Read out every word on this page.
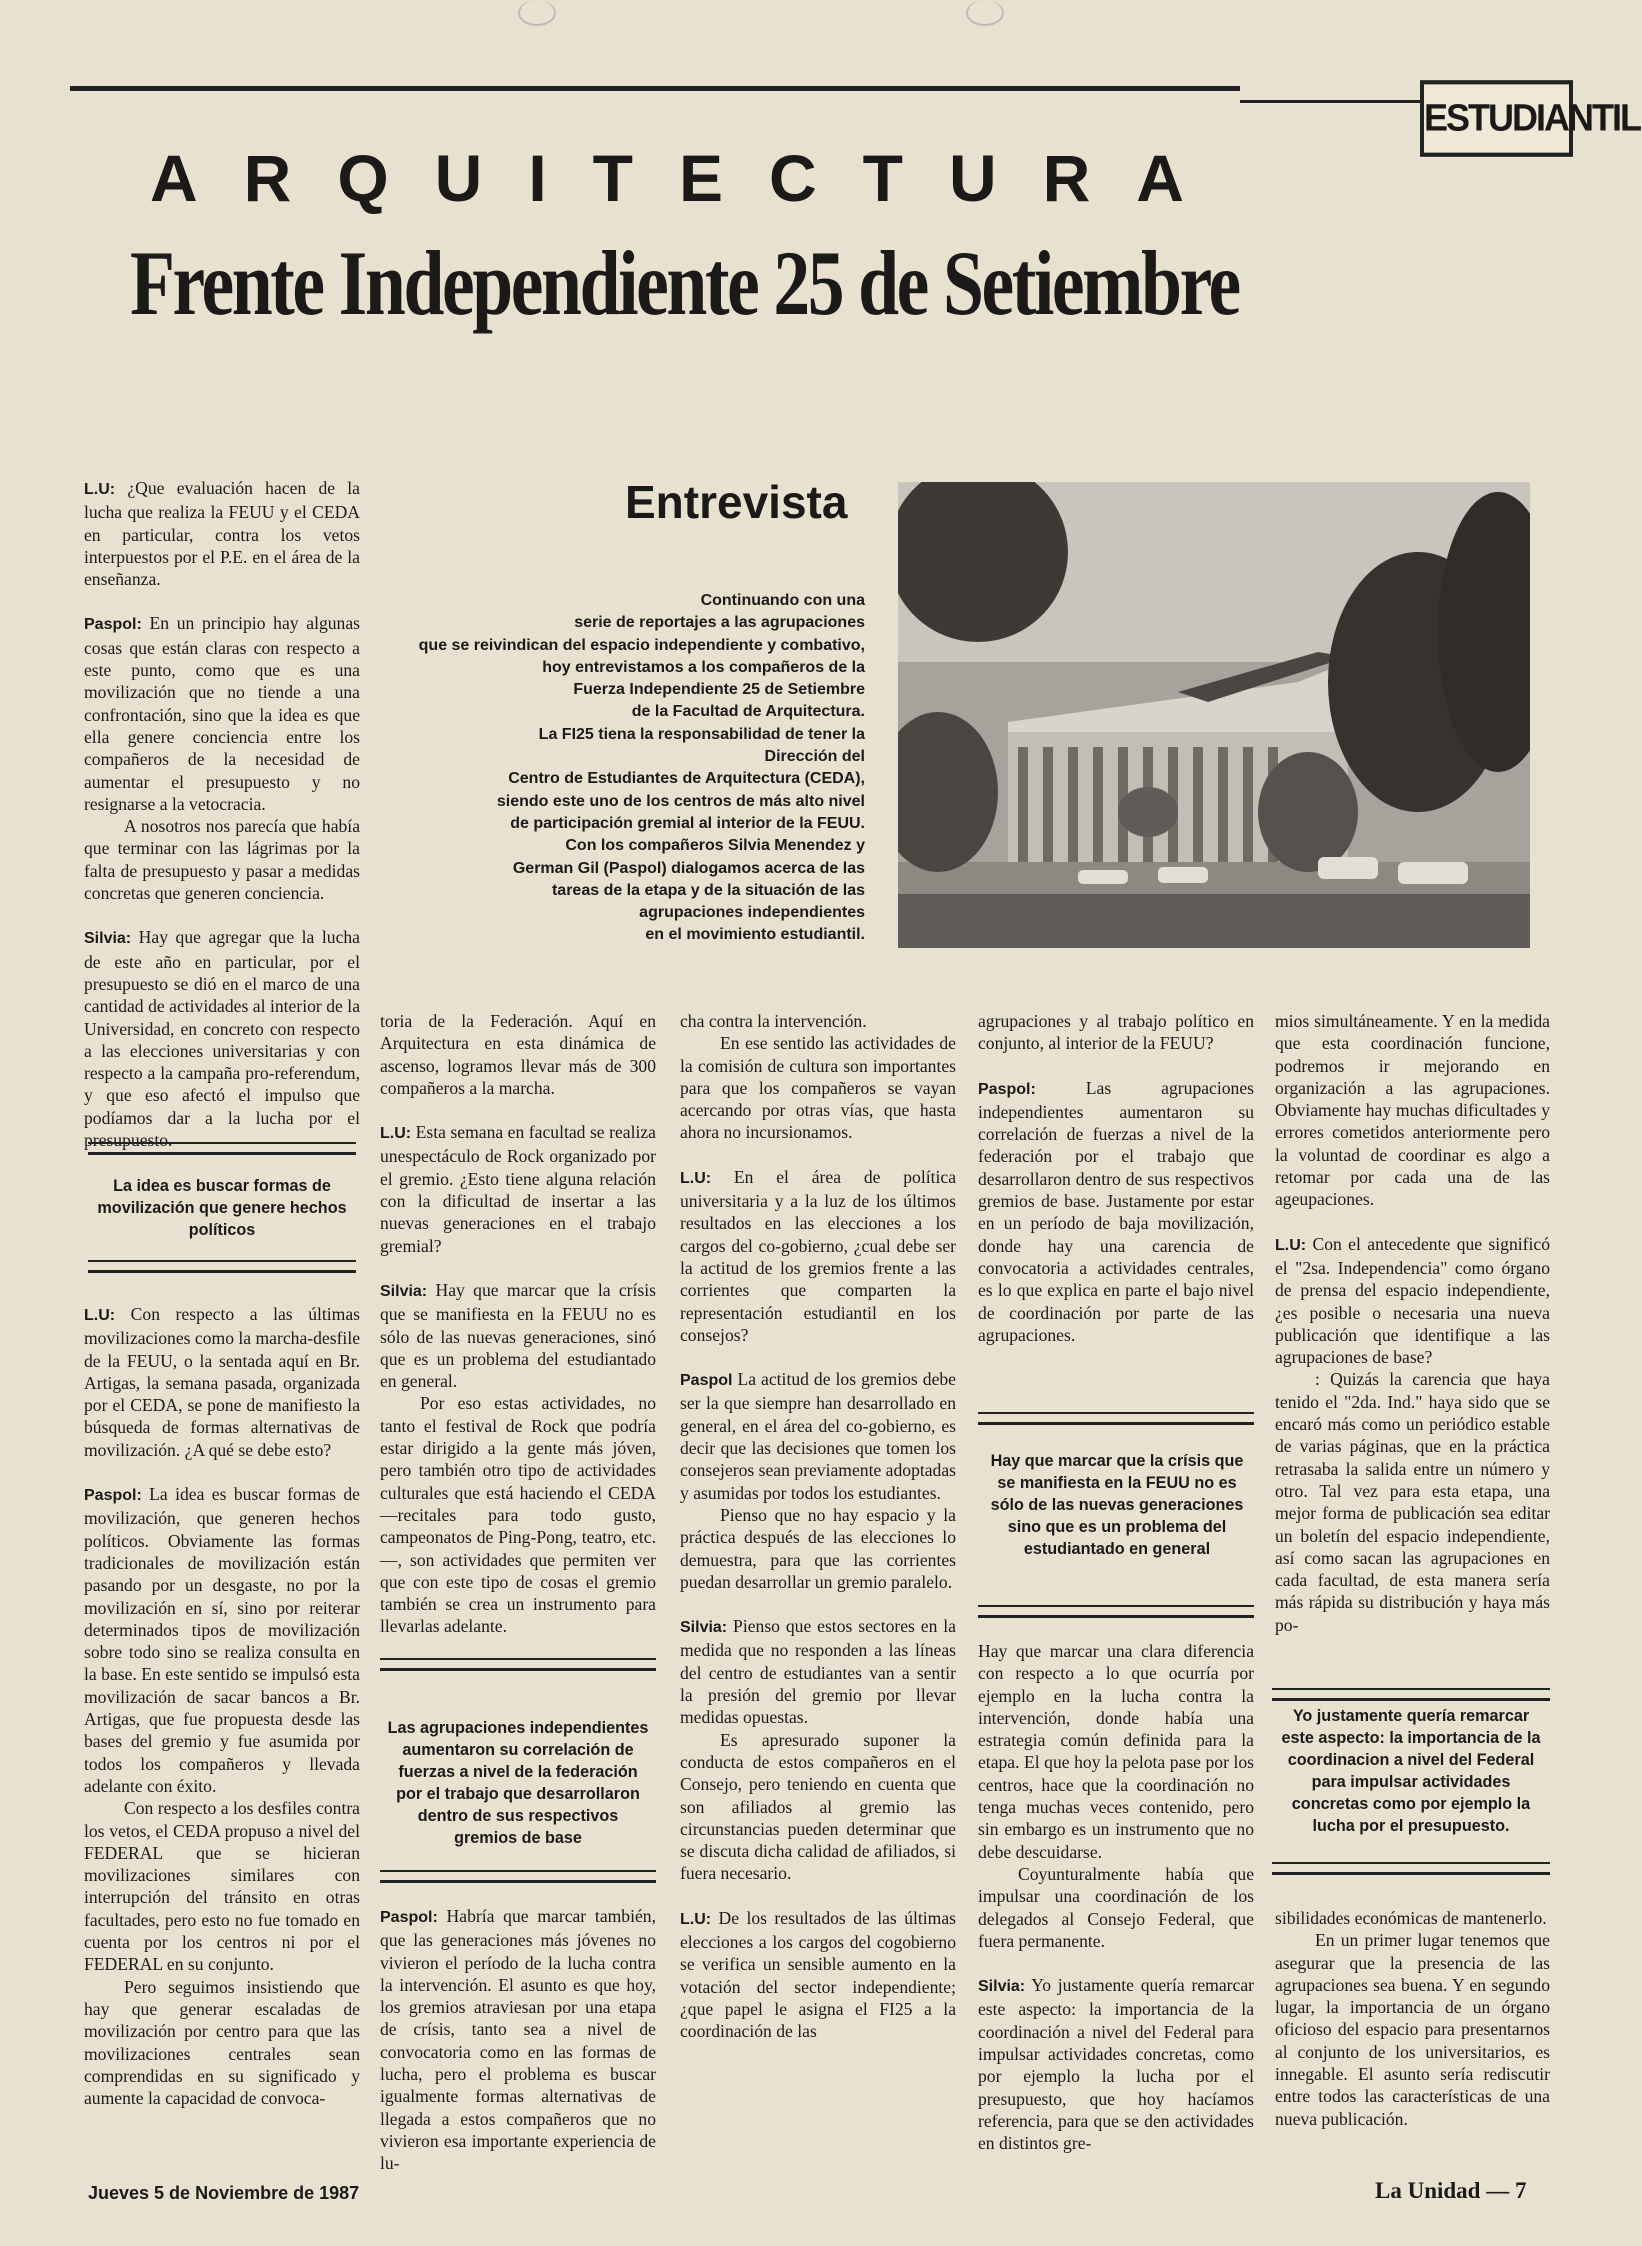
ESTUDIANTIL
ARQUITECTURA
Frente Independiente 25 de Setiembre
Entrevista
Continuando con una
serie de reportajes a las agrupaciones
que se reivindican del espacio independiente y combativo,
hoy entrevistamos a los compañeros de la
Fuerza Independiente 25 de Setiembre
de la Facultad de Arquitectura.
La FI25 tiena la responsabilidad de tener la
Dirección del
Centro de Estudiantes de Arquitectura (CEDA),
siendo este uno de los centros de más alto nivel
de participación gremial al interior de la FEUU.
Con los compañeros Silvia Menendez y
German Gil (Paspol) dialogamos acerca de las
tareas de la etapa y de la situación de las
agrupaciones independientes
en el movimiento estudiantil.

L.U: ¿Que evaluación hacen de la lucha que realiza la FEUU y el CEDA en particular, contra los vetos interpuestos por el P.E. en el área de la enseñanza.

Paspol: En un principio hay algunas cosas que están claras con respecto a este punto, como que es una movilización que no tiende a una confrontación, sino que la idea es que ella genere conciencia entre los compañeros de la necesidad de aumentar el presupuesto y no resignarse a la vetocracia.

A nosotros nos parecía que había que terminar con las lágrimas por la falta de presupuesto y pasar a medidas concretas que generen conciencia.

Silvia: Hay que agregar que la lucha de este año en particular, por el presupuesto se dió en el marco de una cantidad de actividades al interior de la Universidad, en concreto con respecto a las elecciones universitarias y con respecto a la campaña pro-referendum, y que eso afectó el impulso que podíamos dar a la lucha por el presupuesto.

La idea es buscar formas de movilización que genere hechos políticos

L.U: Con respecto a las últimas movilizaciones como la marcha-desfile de la FEUU, o la sentada aquí en Br. Artigas, la semana pasada, organizada por el CEDA, se pone de manifiesto la búsqueda de formas alternativas de movilización. ¿A qué se debe esto?

Paspol: La idea es buscar formas de movilización, que generen hechos políticos. Obviamente las formas tradicionales de movilización están pasando por un desgaste, no por la movilización en sí, sino por reiterar determinados tipos de movilización sobre todo sino se realiza consulta en la base. En este sentido se impulsó esta movilización de sacar bancos a Br. Artigas, que fue propuesta desde las bases del gremio y fue asumida por todos los compañeros y llevada adelante con éxito.

Con respecto a los desfiles contra los vetos, el CEDA propuso a nivel del FEDERAL que se hicieran movilizaciones similares con interrupción del tránsito en otras facultades, pero esto no fue tomado en cuenta por los centros ni por el FEDERAL en su conjunto.

Pero seguimos insistiendo que hay que generar escaladas de movilización por centro para que las movilizaciones centrales sean comprendidas en su significado y aumente la capacidad de convoca-

toria de la Federación. Aquí en Arquitectura en esta dinámica de ascenso, logramos llevar más de 300 compañeros a la marcha.

L.U: Esta semana en facultad se realiza unespectáculo de Rock organizado por el gremio. ¿Esto tiene alguna relación con la dificultad de insertar a las nuevas generaciones en el trabajo gremial?

Silvia: Hay que marcar que la crísis que se manifiesta en la FEUU no es sólo de las nuevas generaciones, sinó que es un problema del estudiantado en general.

Por eso estas actividades, no tanto el festival de Rock que podría estar dirigido a la gente más jóven, pero también otro tipo de actividades culturales que está haciendo el CEDA —recitales para todo gusto, campeonatos de Ping-Pong, teatro, etc.—, son actividades que permiten ver que con este tipo de cosas el gremio también se crea un instrumento para llevarlas adelante.

Las agrupaciones independientes aumentaron su correlación de fuerzas a nivel de la federación por el trabajo que desarrollaron dentro de sus respectivos gremios de base

Paspol: Habría que marcar también, que las generaciones más jóvenes no vivieron el período de la lucha contra la intervención. El asunto es que hoy, los gremios atraviesan por una etapa de crísis, tanto sea a nivel de convocatoria como en las formas de lucha, pero el problema es buscar igualmente formas alternativas de llegada a estos compañeros que no vivieron esa importante experiencia de lu-

cha contra la intervención.

En ese sentido las actividades de la comisión de cultura son importantes para que los compañeros se vayan acercando por otras vías, que hasta ahora no incursionamos.

L.U: En el área de política universitaria y a la luz de los últimos resultados en las elecciones a los cargos del co-gobierno, ¿cual debe ser la actitud de los gremios frente a las corrientes que comparten la representación estudiantil en los consejos?

Paspol La actitud de los gremios debe ser la que siempre han desarrollado en general, en el área del co-gobierno, es decir que las decisiones que tomen los consejeros sean previamente adoptadas y asumidas por todos los estudiantes.

Pienso que no hay espacio y la práctica después de las elecciones lo demuestra, para que las corrientes puedan desarrollar un gremio paralelo.

Silvia: Pienso que estos sectores en la medida que no responden a las líneas del centro de estudiantes van a sentir la presión del gremio por llevar medidas opuestas.

Es apresurado suponer la conducta de estos compañeros en el Consejo, pero teniendo en cuenta que son afiliados al gremio las circunstancias pueden determinar que se discuta dicha calidad de afiliados, si fuera necesario.

L.U: De los resultados de las últimas elecciones a los cargos del cogobierno se verifica un sensible aumento en la votación del sector independiente; ¿que papel le asigna el FI25 a la coordinación de las

agrupaciones y al trabajo político en conjunto, al interior de la FEUU?

Paspol: Las agrupaciones independientes aumentaron su correlación de fuerzas a nivel de la federación por el trabajo que desarrollaron dentro de sus respectivos gremios de base. Justamente por estar en un período de baja movilización, donde hay una carencia de convocatoria a actividades centrales, es lo que explica en parte el bajo nivel de coordinación por parte de las agrupaciones.

Hay que marcar que la crísis que se manifiesta en la FEUU no es sólo de las nuevas generaciones sino que es un problema del estudiantado en general

Hay que marcar una clara diferencia con respecto a lo que ocurría por ejemplo en la lucha contra la intervención, donde había una estrategia común definida para la etapa. El que hoy la pelota pase por los centros, hace que la coordinación no tenga muchas veces contenido, pero sin embargo es un instrumento que no debe descuidarse.

Coyunturalmente había que impulsar una coordinación de los delegados al Consejo Federal, que fuera permanente.

Silvia: Yo justamente quería remarcar este aspecto: la importancia de la coordinación a nivel del Federal para impulsar actividades concretas, como por ejemplo la lucha por el presupuesto, que hoy hacíamos referencia, para que se den actividades en distintos gre-

mios simultáneamente. Y en la medida que esta coordinación funcione, podremos ir mejorando en organización a las agrupaciones. Obviamente hay muchas dificultades y errores cometidos anteriormente pero la voluntad de coordinar es algo a retomar por cada una de las ageupaciones.

L.U: Con el antecedente que significó el "2sa. Independencia" como órgano de prensa del espacio independiente, ¿es posible o necesaria una nueva publicación que identifique a las agrupaciones de base?

: Quizás la carencia que haya tenido el "2da. Ind." haya sido que se encaró más como un periódico estable de varias páginas, que en la práctica retrasaba la salida entre un número y otro. Tal vez para esta etapa, una mejor forma de publicación sea editar un boletín del espacio independiente, así como sacan las agrupaciones en cada facultad, de esta manera sería más rápida su distribución y haya más po-

Yo justamente quería remarcar este aspecto: la importancia de la coordinacion a nivel del Federal para impulsar actividades concretas como por ejemplo la lucha por el presupuesto.

sibilidades económicas de mantenerlo.

En un primer lugar tenemos que asegurar que la presencia de las agrupaciones sea buena. Y en segundo lugar, la importancia de un órgano oficioso del espacio para presentarnos al conjunto de los universitarios, es innegable. El asunto sería rediscutir entre todos las características de una nueva publicación.

Jueves 5 de Noviembre de 1987	La Unidad — 7
